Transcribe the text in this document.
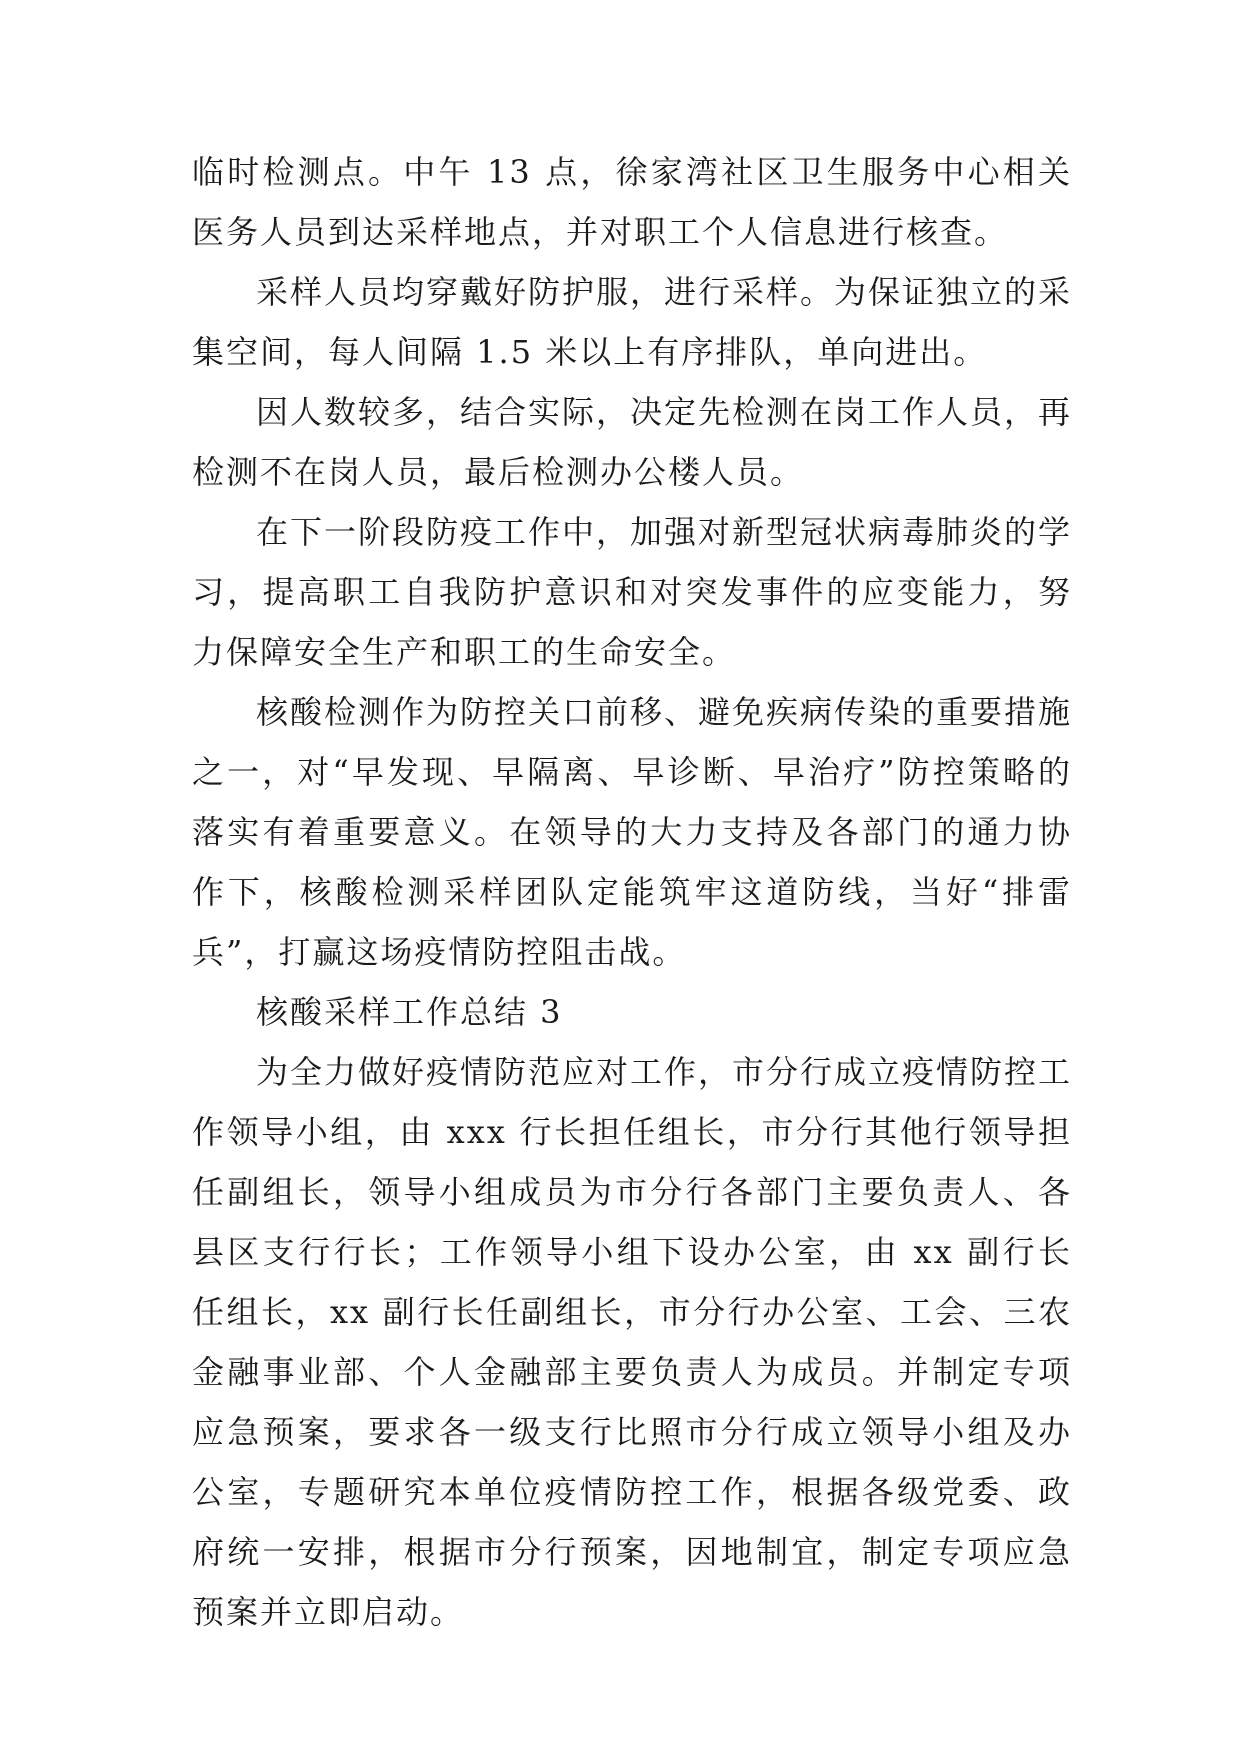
临时检测点。中午 13 点，徐家湾社区卫生服务中心相关医务人员到达采样地点，并对职工个人信息进行核查。

采样人员均穿戴好防护服，进行采样。为保证独立的采集空间，每人间隔 1.5 米以上有序排队，单向进出。

因人数较多，结合实际，决定先检测在岗工作人员，再检测不在岗人员，最后检测办公楼人员。

在下一阶段防疫工作中，加强对新型冠状病毒肺炎的学习，提高职工自我防护意识和对突发事件的应变能力，努力保障安全生产和职工的生命安全。

核酸检测作为防控关口前移、避免疾病传染的重要措施之一，对“早发现、早隔离、早诊断、早治疗”防控策略的落实有着重要意义。在领导的大力支持及各部门的通力协作下，核酸检测采样团队定能筑牢这道防线，当好“排雷兵”，打赢这场疫情防控阻击战。

核酸采样工作总结 3

为全力做好疫情防范应对工作，市分行成立疫情防控工作领导小组，由 xxx 行长担任组长，市分行其他行领导担任副组长，领导小组成员为市分行各部门主要负责人、各县区支行行长；工作领导小组下设办公室，由 xx 副行长任组长，xx 副行长任副组长，市分行办公室、工会、三农金融事业部、个人金融部主要负责人为成员。并制定专项应急预案，要求各一级支行比照市分行成立领导小组及办公室，专题研究本单位疫情防控工作，根据各级党委、政府统一安排，根据市分行预案，因地制宜，制定专项应急预案并立即启动。
